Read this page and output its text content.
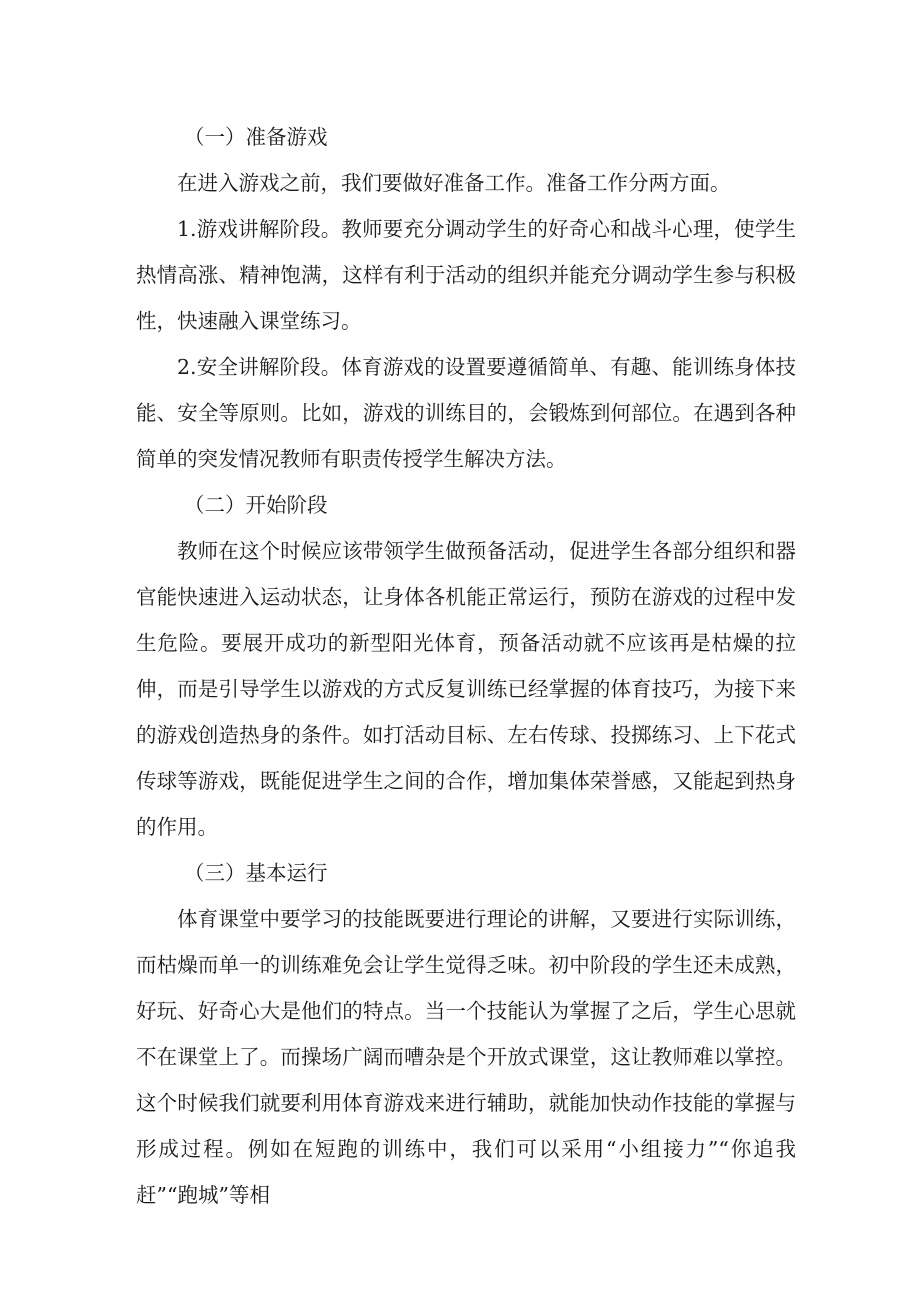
（一）准备游戏

在进入游戏之前，我们要做好准备工作。准备工作分两方面。

1.游戏讲解阶段。教师要充分调动学生的好奇心和战斗心理，使学生热情高涨、精神饱满，这样有利于活动的组织并能充分调动学生参与积极性，快速融入课堂练习。

2.安全讲解阶段。体育游戏的设置要遵循简单、有趣、能训练身体技能、安全等原则。比如，游戏的训练目的，会锻炼到何部位。在遇到各种简单的突发情况教师有职责传授学生解决方法。

（二）开始阶段

教师在这个时候应该带领学生做预备活动，促进学生各部分组织和器官能快速进入运动状态，让身体各机能正常运行，预防在游戏的过程中发生危险。要展开成功的新型阳光体育，预备活动就不应该再是枯燥的拉伸，而是引导学生以游戏的方式反复训练已经掌握的体育技巧，为接下来的游戏创造热身的条件。如打活动目标、左右传球、投掷练习、上下花式传球等游戏，既能促进学生之间的合作，增加集体荣誉感，又能起到热身的作用。

（三）基本运行

体育课堂中要学习的技能既要进行理论的讲解，又要进行实际训练，而枯燥而单一的训练难免会让学生觉得乏味。初中阶段的学生还未成熟，好玩、好奇心大是他们的特点。当一个技能认为掌握了之后，学生心思就不在课堂上了。而操场广阔而嘈杂是个开放式课堂，这让教师难以掌控。这个时候我们就要利用体育游戏来进行辅助，就能加快动作技能的掌握与形成过程。例如在短跑的训练中，我们可以采用“小组接力”“你追我赶”“跑城”等相
